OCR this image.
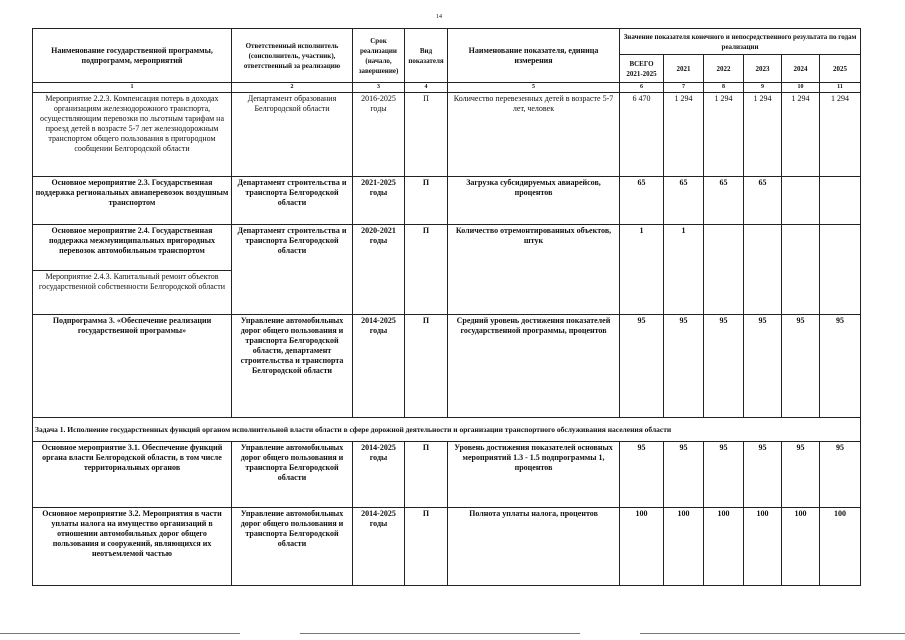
14
Наименование государственной программы, подпрограмм, мероприятий	Ответственный исполнитель (соисполнитель, участник), ответственный за реализацию	Срок реализации (начало, завершение)	Вид показателя	Наименование показателя, единица измерения	Значение показателя конечного и непосредственного результата по годам реализации					
					ВСЕГО 2021-2025	2021	2022	2023	2024	2025
1	2	3	4	5	6	7	8	9	10	11
Мероприятие 2.2.3. Компенсация потерь в доходах организациям железнодорожного транспорта, осуществляющим перевозки по льготным тарифам на проезд детей в возрасте 5-7 лет железнодорожным транспортом общего пользования в пригородном сообщении Белгородской области	Департамент образования Белгородской области	2016-2025 годы	П	Количество перевезенных детей в возрасте 5-7 лет, человек	6 470	1 294	1 294	1 294	1 294	1 294
Основное мероприятие 2.3. Государственная поддержка региональных авиаперевозок воздушным транспортом	Департамент строительства и транспорта Белгородской области	2021-2025 годы	П	Загрузка субсидируемых авиарейсов, процентов	65	65	65	65		
Основное мероприятие 2.4. Государственная поддержка межмуниципальных пригородных перевозок автомобильным транспортом	Департамент строительства и транспорта Белгородской области	2020-2021 годы	П	Количество отремонтированных объектов, штук	1	1				
Мероприятие 2.4.3. Капитальный ремонт объектов государственной собственности Белгородской области										
Подпрограмма 3. «Обеспечение реализации государственной программы»	Управление автомобильных дорог общего пользования и транспорта Белгородской области, департамент строительства и транспорта Белгородской области	2014-2025 годы	П	Средний уровень достижения показателей государственной программы, процентов	95	95	95	95	95	95
Задача 1. Исполнение государственных функций органом исполнительной власти области в сфере дорожной деятельности и организации транспортного обслуживания населения области										
Основное мероприятие 3.1. Обеспечение функций органа власти Белгородской области, в том числе территориальных органов	Управление автомобильных дорог общего пользования и транспорта Белгородской области	2014-2025 годы	П	Уровень достижения показателей основных мероприятий 1.3 - 1.5 подпрограммы 1, процентов	95	95	95	95	95	95
Основное мероприятие 3.2. Мероприятия в части уплаты налога на имущество организаций в отношении автомобильных дорог общего пользования и сооружений, являющихся их неотъемлемой частью	Управление автомобильных дорог общего пользования и транспорта Белгородской области	2014-2025 годы	П	Полнота уплаты налога, процентов	100	100	100	100	100	100
